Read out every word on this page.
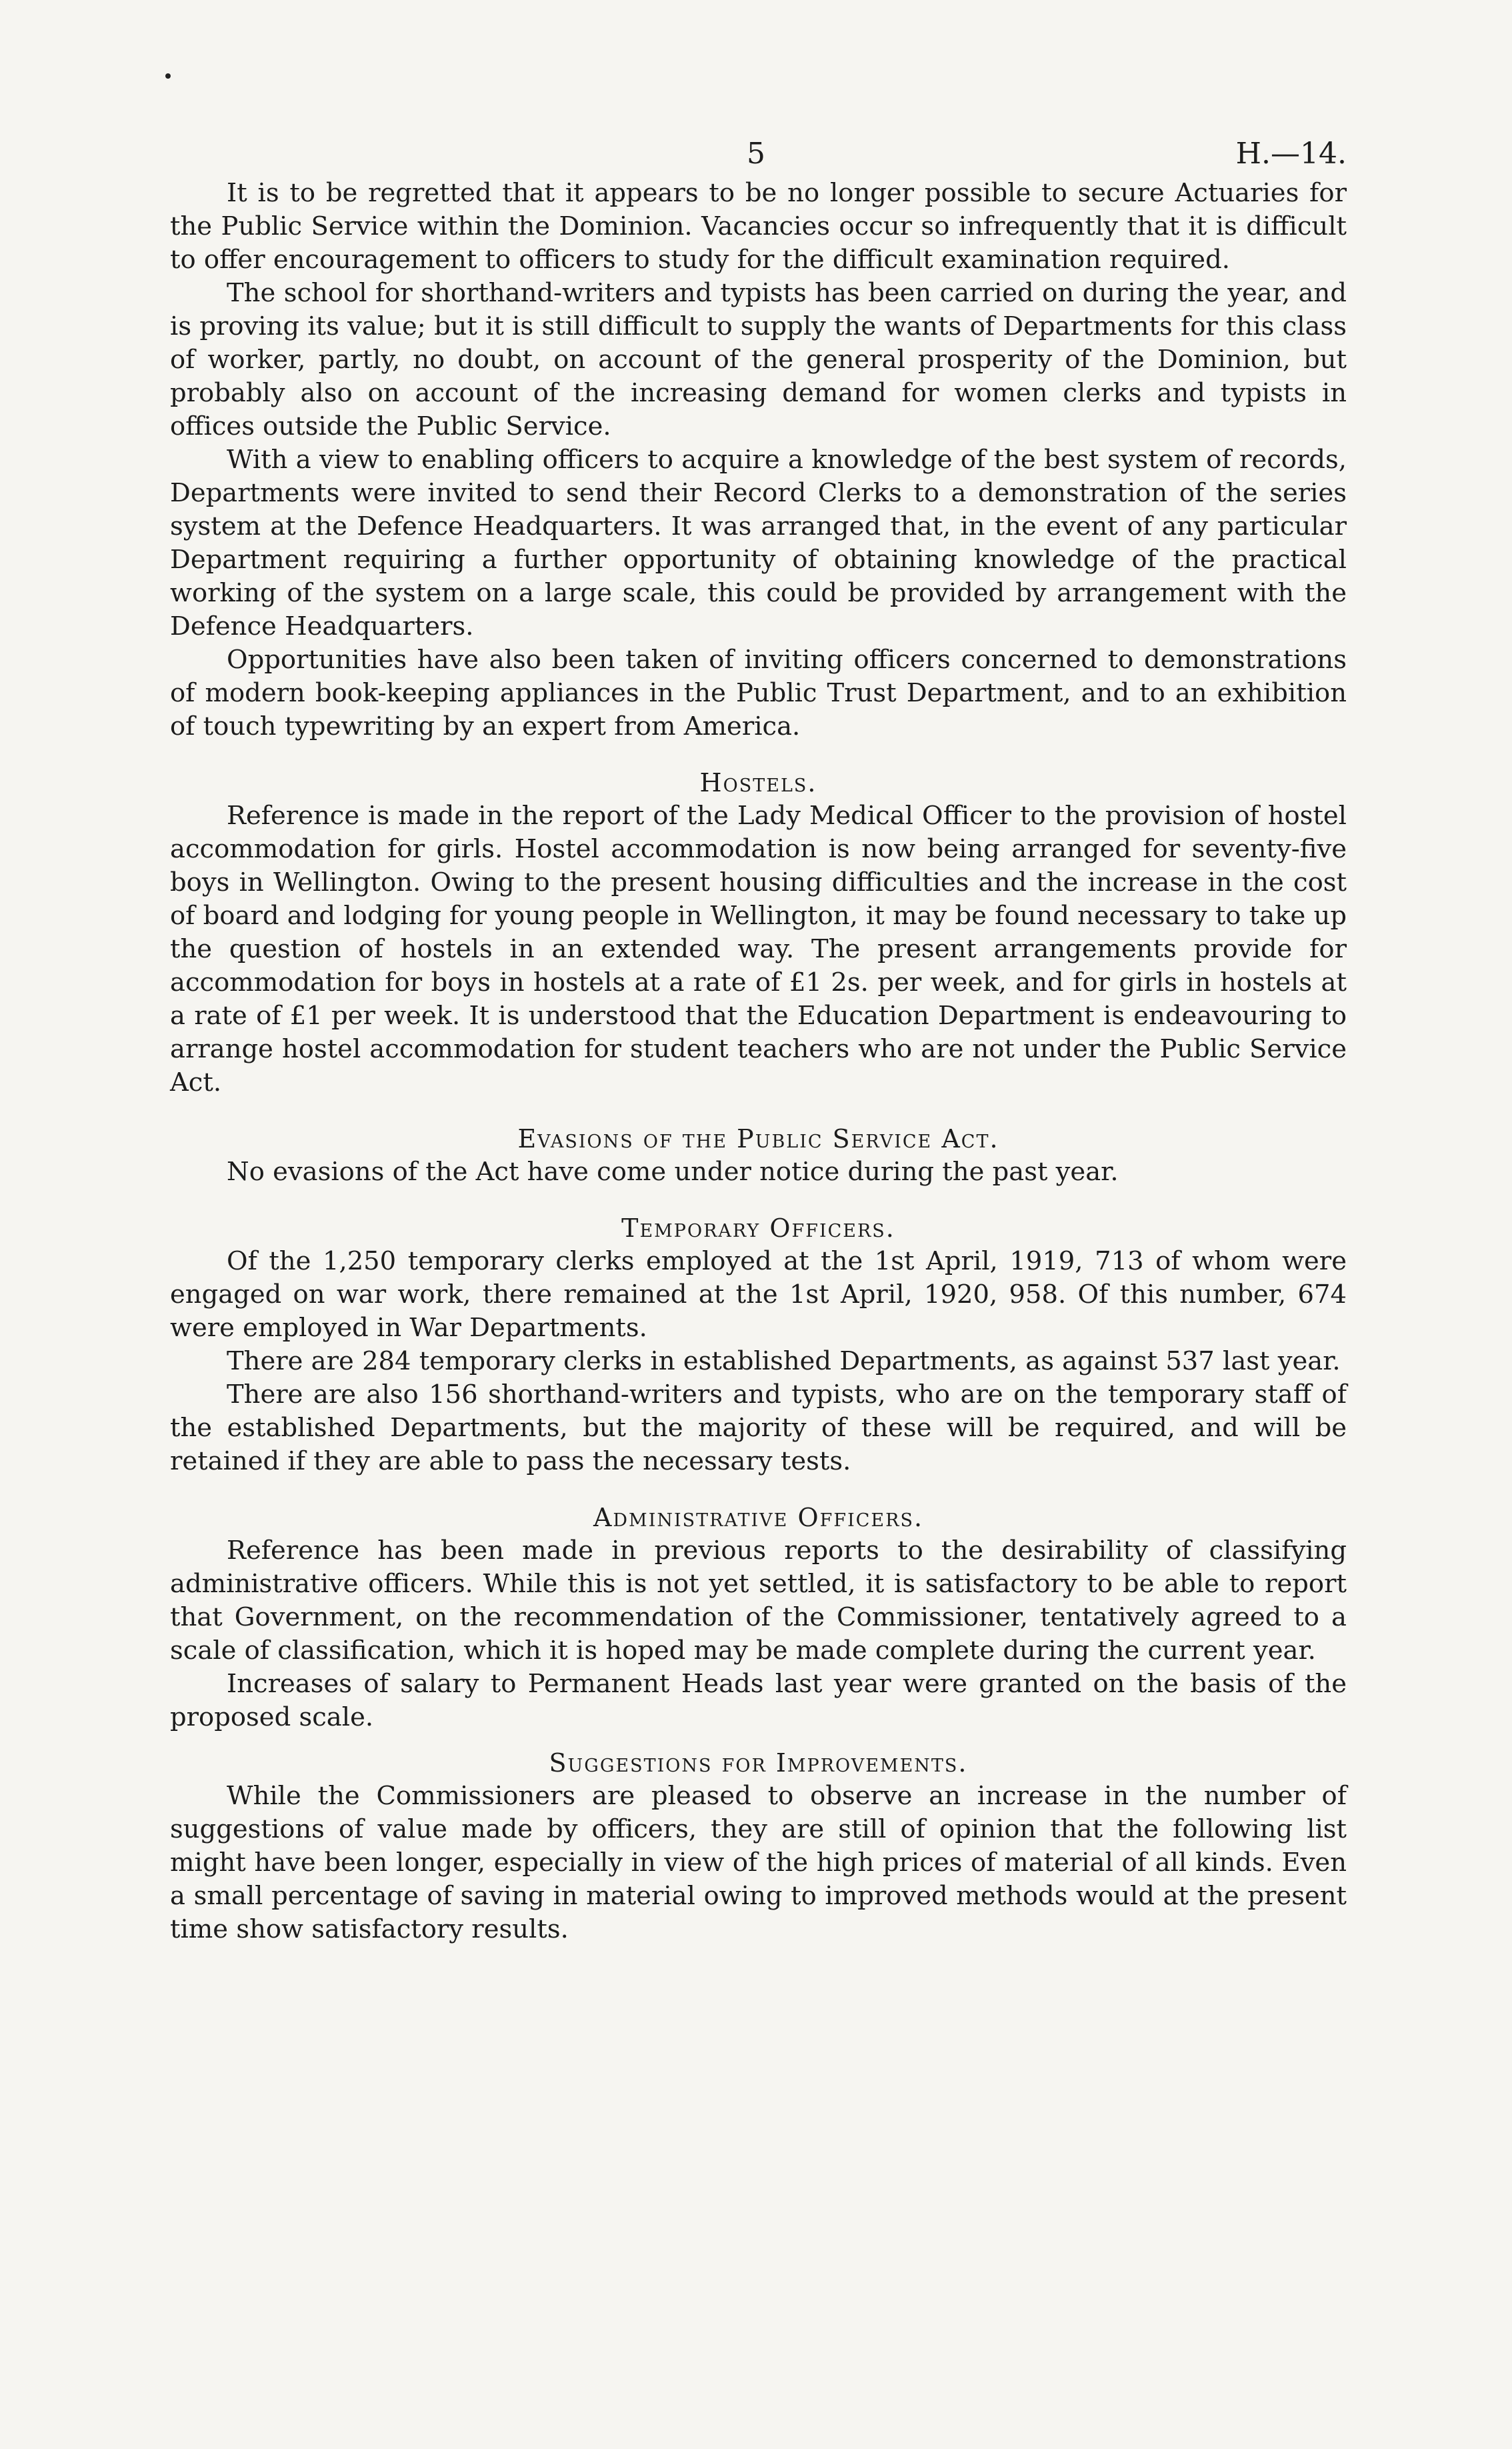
5	H.—14.

It is to be regretted that it appears to be no longer possible to secure Actuaries for the Public Service within the Dominion. Vacancies occur so infrequently that it is difficult to offer encouragement to officers to study for the difficult examination required.

The school for shorthand-writers and typists has been carried on during the year, and is proving its value; but it is still difficult to supply the wants of Departments for this class of worker, partly, no doubt, on account of the general prosperity of the Dominion, but probably also on account of the increasing demand for women clerks and typists in offices outside the Public Service.

With a view to enabling officers to acquire a knowledge of the best system of records, Departments were invited to send their Record Clerks to a demonstration of the series system at the Defence Headquarters. It was arranged that, in the event of any particular Department requiring a further opportunity of obtaining knowledge of the practical working of the system on a large scale, this could be provided by arrangement with the Defence Headquarters.

Opportunities have also been taken of inviting officers concerned to demonstrations of modern book-keeping appliances in the Public Trust Department, and to an exhibition of touch typewriting by an expert from America.

Hostels.

Reference is made in the report of the Lady Medical Officer to the provision of hostel accommodation for girls. Hostel accommodation is now being arranged for seventy-five boys in Wellington. Owing to the present housing difficulties and the increase in the cost of board and lodging for young people in Wellington, it may be found necessary to take up the question of hostels in an extended way. The present arrangements provide for accommodation for boys in hostels at a rate of £1 2s. per week, and for girls in hostels at a rate of £1 per week. It is understood that the Education Department is endeavouring to arrange hostel accommodation for student teachers who are not under the Public Service Act.

Evasions of the Public Service Act.

No evasions of the Act have come under notice during the past year.

Temporary Officers.

Of the 1,250 temporary clerks employed at the 1st April, 1919, 713 of whom were engaged on war work, there remained at the 1st April, 1920, 958. Of this number, 674 were employed in War Departments.

There are 284 temporary clerks in established Departments, as against 537 last year.

There are also 156 shorthand-writers and typists, who are on the temporary staff of the established Departments, but the majority of these will be required, and will be retained if they are able to pass the necessary tests.

Administrative Officers.

Reference has been made in previous reports to the desirability of classifying administrative officers. While this is not yet settled, it is satisfactory to be able to report that Government, on the recommendation of the Commissioner, tentatively agreed to a scale of classification, which it is hoped may be made complete during the current year.

Increases of salary to Permanent Heads last year were granted on the basis of the proposed scale.

Suggestions for Improvements.

While the Commissioners are pleased to observe an increase in the number of suggestions of value made by officers, they are still of opinion that the following list might have been longer, especially in view of the high prices of material of all kinds. Even a small percentage of saving in material owing to improved methods would at the present time show satisfactory results.
